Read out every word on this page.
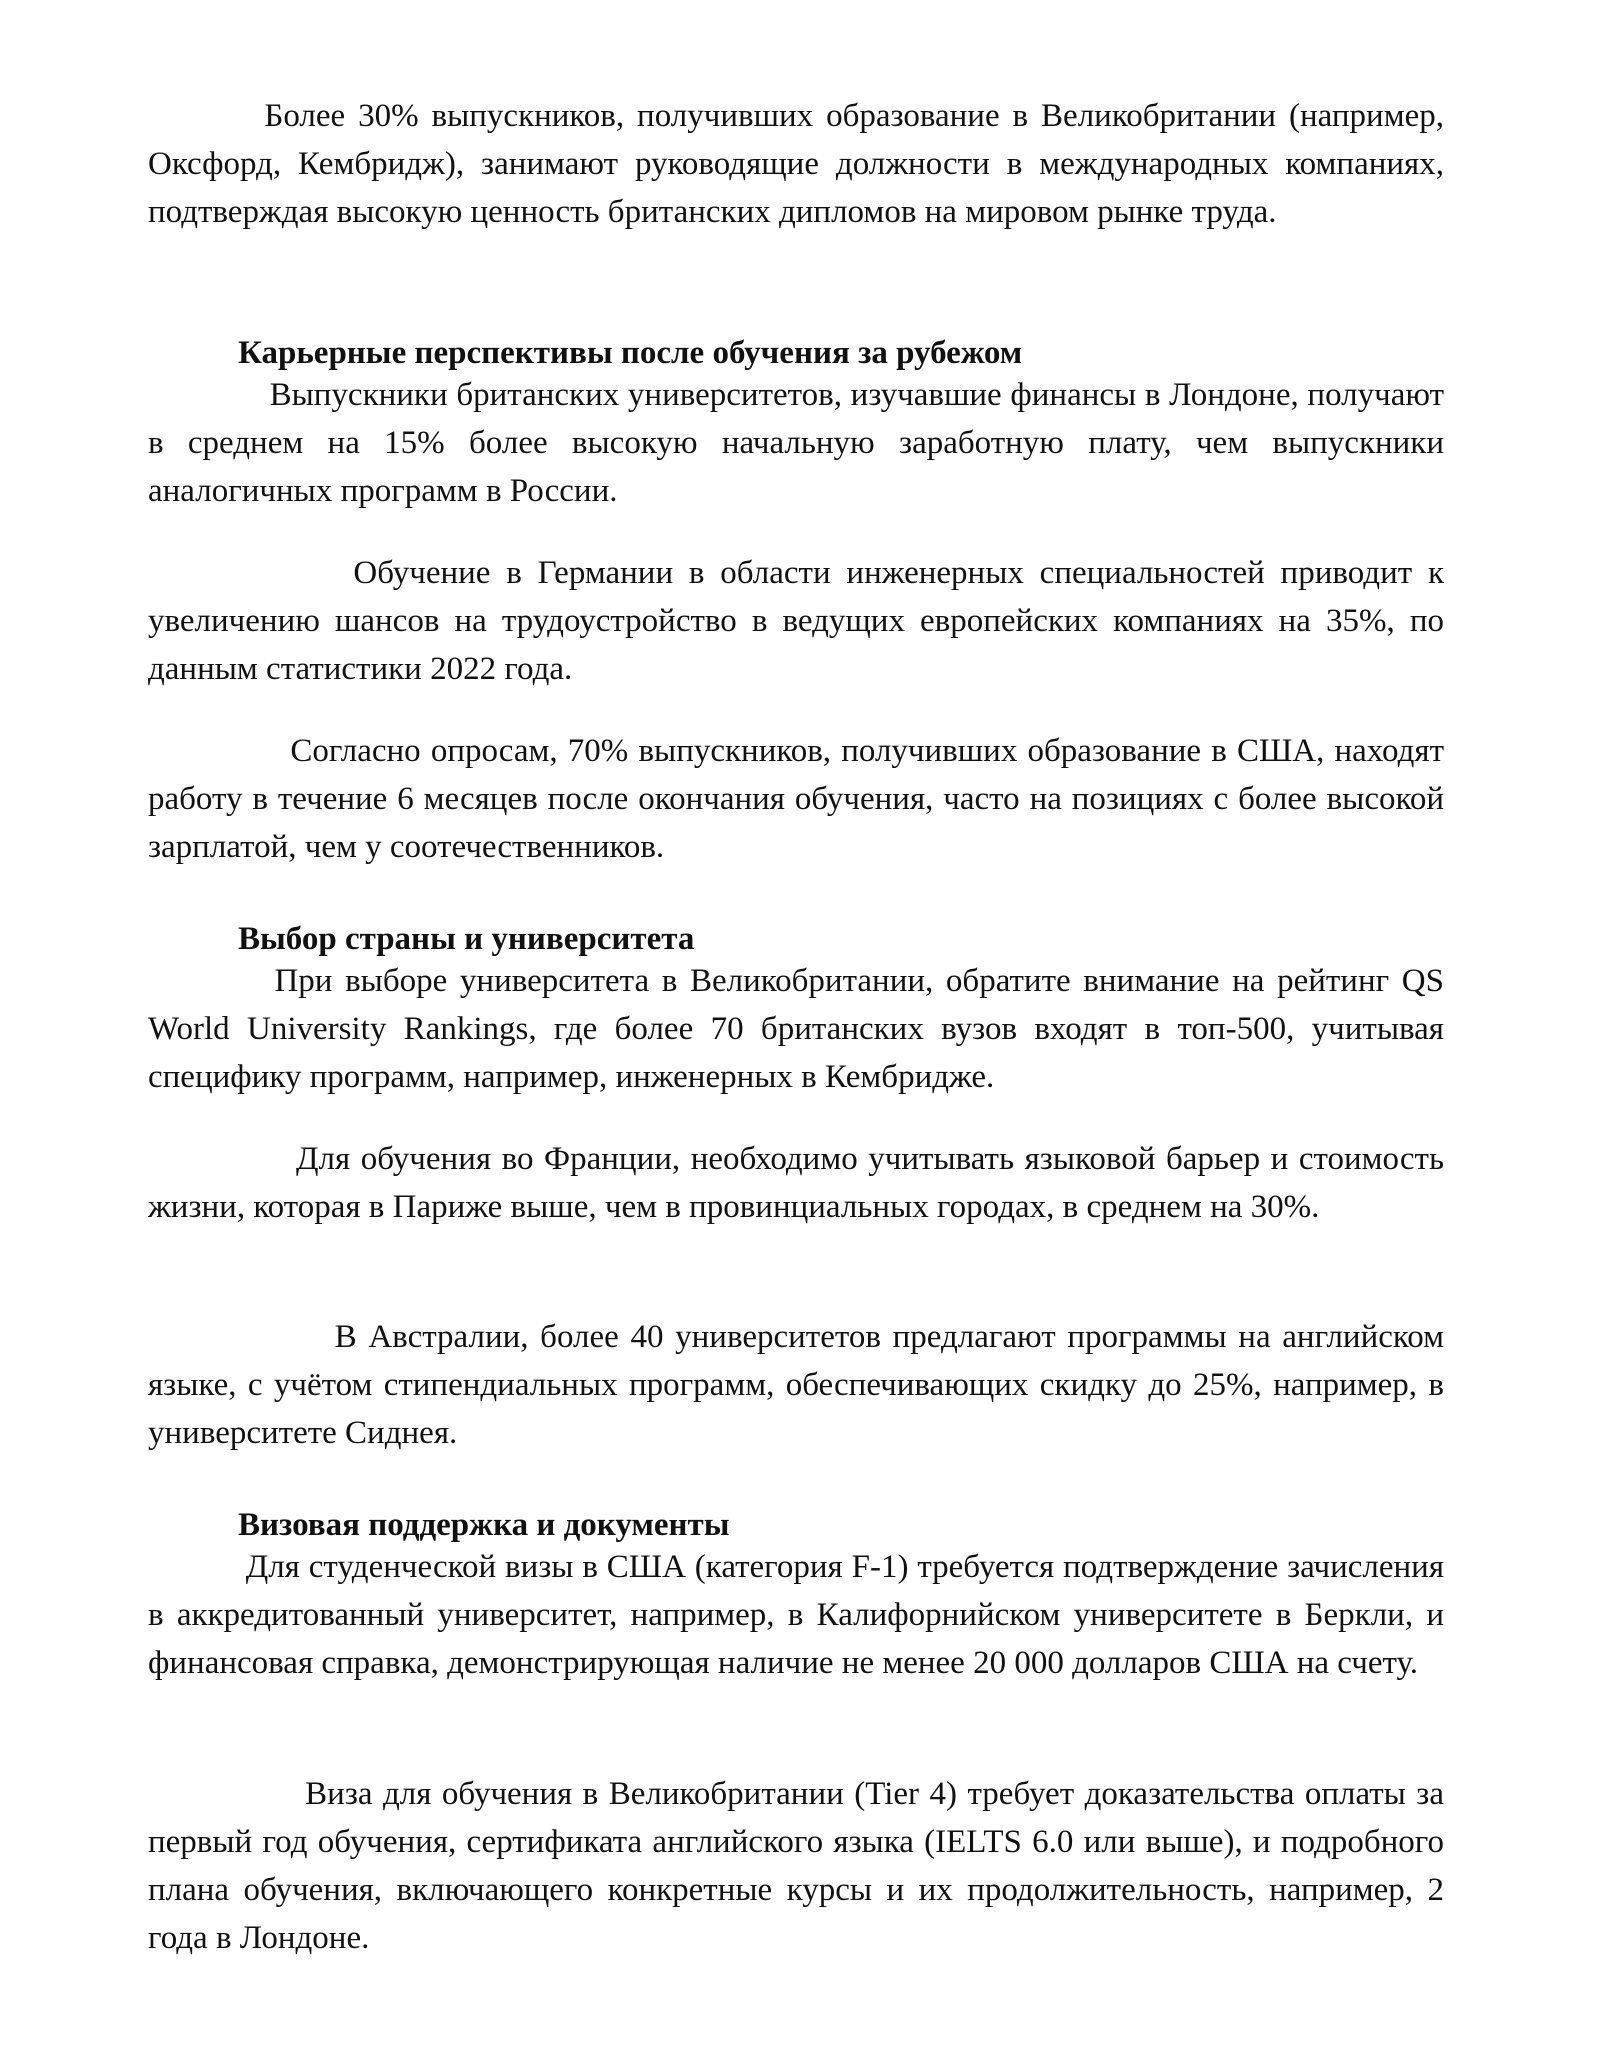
Более 30% выпускников, получивших образование в Великобритании (например, Оксфорд, Кембридж), занимают руководящие должности в международных компаниях, подтверждая высокую ценность британских дипломов на мировом рынке труда.

Карьерные перспективы после обучения за рубежом

Выпускники британских университетов, изучавшие финансы в Лондоне, получают в среднем на 15% более высокую начальную заработную плату, чем выпускники аналогичных программ в России.

Обучение в Германии в области инженерных специальностей приводит к увеличению шансов на трудоустройство в ведущих европейских компаниях на 35%, по данным статистики 2022 года.

Согласно опросам, 70% выпускников, получивших образование в США, находят работу в течение 6 месяцев после окончания обучения, часто на позициях с более высокой зарплатой, чем у соотечественников.

Выбор страны и университета

При выборе университета в Великобритании, обратите внимание на рейтинг QS World University Rankings, где более 70 британских вузов входят в топ-500, учитывая специфику программ, например, инженерных в Кембридже.

Для обучения во Франции, необходимо учитывать языковой барьер и стоимость жизни, которая в Париже выше, чем в провинциальных городах, в среднем на 30%.

В Австралии, более 40 университетов предлагают программы на английском языке, с учётом стипендиальных программ, обеспечивающих скидку до 25%, например, в университете Сиднея.

Визовая поддержка и документы

Для студенческой визы в США (категория F-1) требуется подтверждение зачисления в аккредитованный университет, например, в Калифорнийском университете в Беркли, и финансовая справка, демонстрирующая наличие не менее 20 000 долларов США на счету.

Виза для обучения в Великобритании (Tier 4) требует доказательства оплаты за первый год обучения, сертификата английского языка (IELTS 6.0 или выше), и подробного плана обучения, включающего конкретные курсы и их продолжительность, например, 2 года в Лондоне.
